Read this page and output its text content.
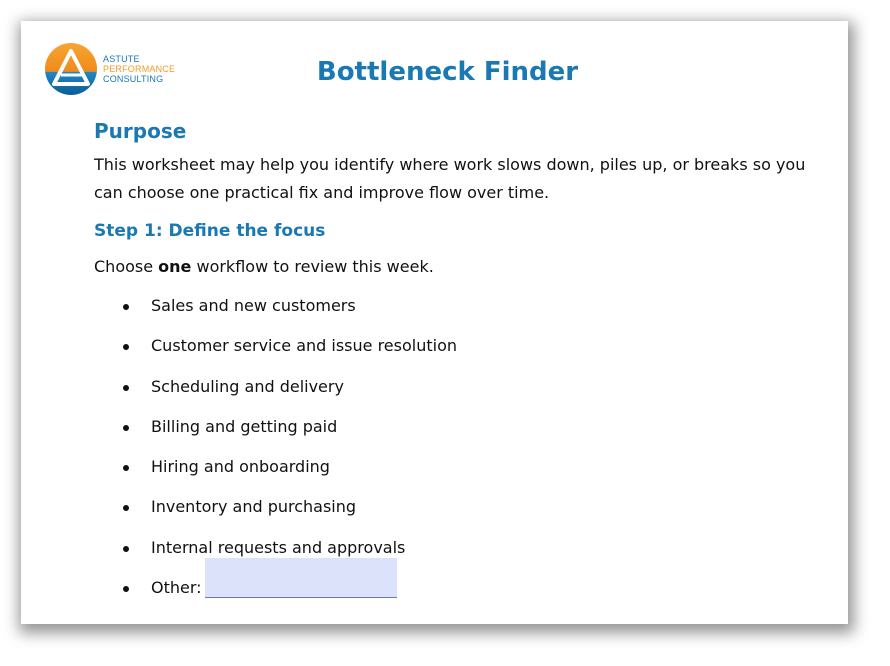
ASTUTE
PERFORMANCE
CONSULTING	Bottleneck Finder
Purpose

This worksheet may help you identify where work slows down, piles up, or breaks so you can choose one practical fix and improve flow over time.

Step 1: Define the focus

Choose one workflow to review this week.

Sales and new customers
Customer service and issue resolution
Scheduling and delivery
Billing and getting paid
Hiring and onboarding
Inventory and purchasing
Internal requests and approvals
Other:
